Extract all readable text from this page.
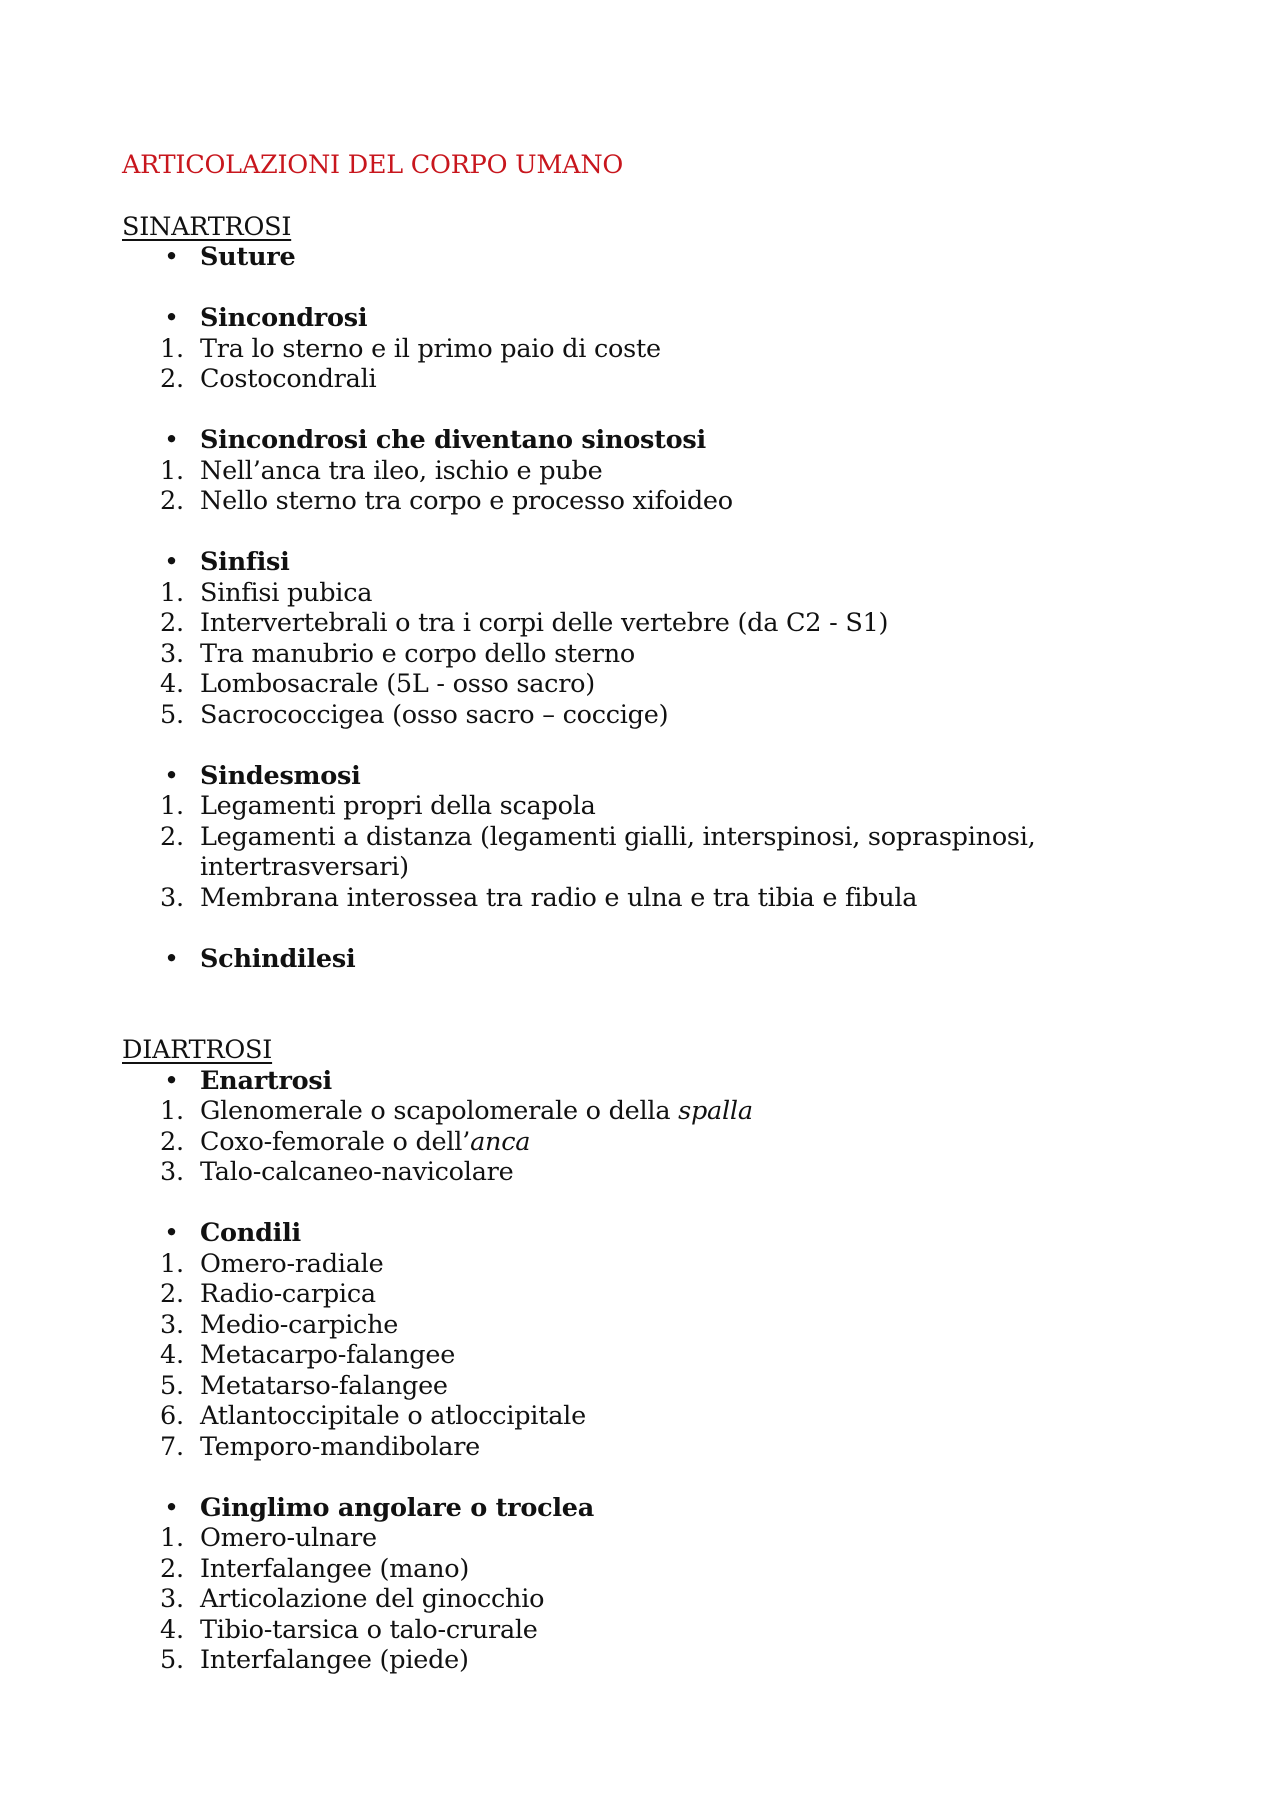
ARTICOLAZIONI DEL CORPO UMANO
SINARTROSI
• Suture
• Sincondrosi
1. Tra lo sterno e il primo paio di coste
2. Costocondrali
• Sincondrosi che diventano sinostosi
1. Nell’anca tra ileo, ischio e pube
2. Nello sterno tra corpo e processo xifoideo
• Sinfisi
1. Sinfisi pubica
2. Intervertebrali o tra i corpi delle vertebre (da C2 - S1)
3. Tra manubrio e corpo dello sterno
4. Lombosacrale (5L - osso sacro)
5. Sacrococcigea (osso sacro – coccige)
• Sindesmosi
1. Legamenti propri della scapola
2. Legamenti a distanza (legamenti gialli, interspinosi, sopraspinosi, intertrasversari)
3. Membrana interossea tra radio e ulna e tra tibia e fibula
• Schindilesi
DIARTROSI
• Enartrosi
1. Glenomerale o scapolomerale o della spalla
2. Coxo-femorale o dell’anca
3. Talo-calcaneo-navicolare
• Condili
1. Omero-radiale
2. Radio-carpica
3. Medio-carpiche
4. Metacarpo-falangee
5. Metatarso-falangee
6. Atlantoccipitale o atloccipitale
7. Temporo-mandibolare
• Ginglimo angolare o troclea
1. Omero-ulnare
2. Interfalangee (mano)
3. Articolazione del ginocchio
4. Tibio-tarsica o talo-crurale
5. Interfalangee (piede)
